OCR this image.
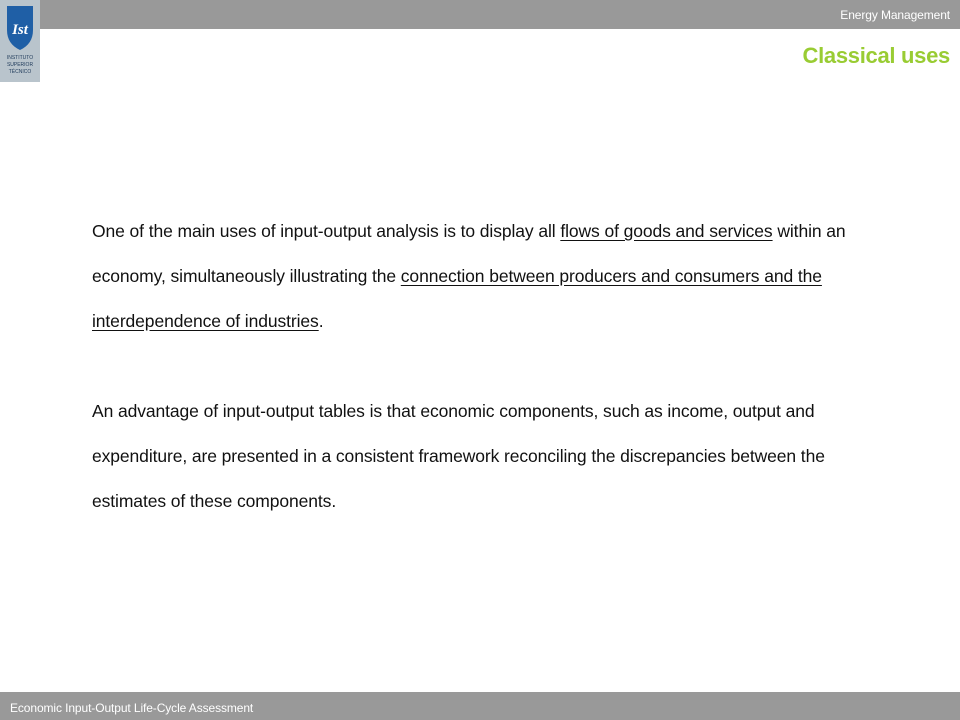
Energy Management
Ist
INSTITUTO
SUPERIOR
TÉCNICO
Classical uses

One of the main uses of input-output analysis is to display all flows of goods and services within an economy, simultaneously illustrating the connection between producers and consumers and the interdependence of industries.

An advantage of input-output tables is that economic components, such as income, output and expenditure, are presented in a consistent framework reconciling the discrepancies between the estimates of these components.

Economic Input-Output Life-Cycle Assessment
